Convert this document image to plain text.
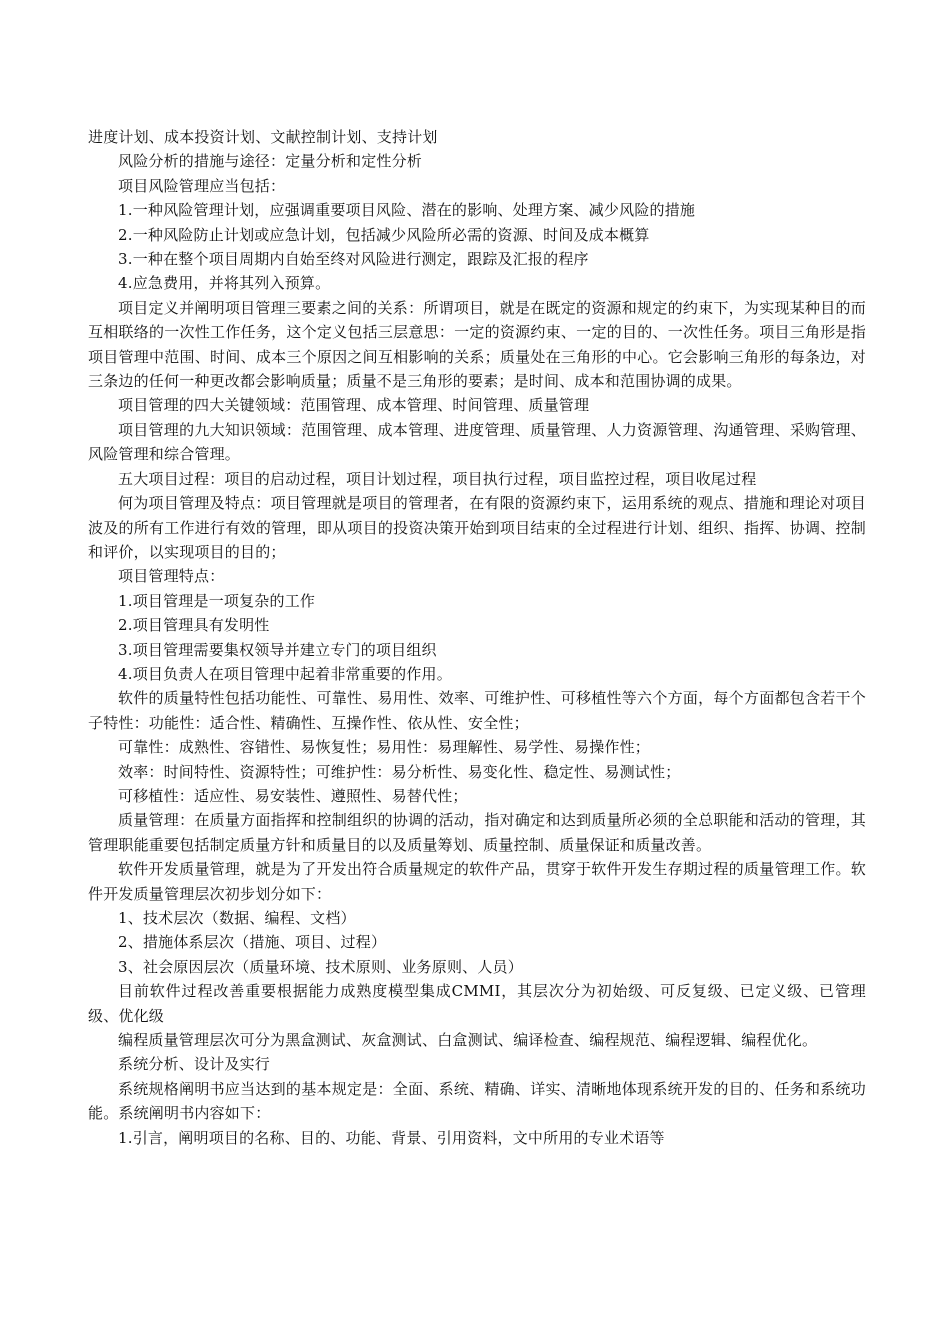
进度计划、成本投资计划、文献控制计划、支持计划

风险分析的措施与途径：定量分析和定性分析

项目风险管理应当包括：

1.一种风险管理计划，应强调重要项目风险、潜在的影响、处理方案、减少风险的措施

2.一种风险防止计划或应急计划，包括减少风险所必需的资源、时间及成本概算

3.一种在整个项目周期内自始至终对风险进行测定，跟踪及汇报的程序

4.应急费用，并将其列入预算。

项目定义并阐明项目管理三要素之间的关系：所谓项目，就是在既定的资源和规定的约束下，为实现某种目的而互相联络的一次性工作任务，这个定义包括三层意思：一定的资源约束、一定的目的、一次性任务。项目三角形是指项目管理中范围、时间、成本三个原因之间互相影响的关系；质量处在三角形的中心。它会影响三角形的每条边，对三条边的任何一种更改都会影响质量；质量不是三角形的要素；是时间、成本和范围协调的成果。

项目管理的四大关键领域：范围管理、成本管理、时间管理、质量管理

项目管理的九大知识领域：范围管理、成本管理、进度管理、质量管理、人力资源管理、沟通管理、采购管理、风险管理和综合管理。

五大项目过程：项目的启动过程，项目计划过程，项目执行过程，项目监控过程，项目收尾过程

何为项目管理及特点：项目管理就是项目的管理者，在有限的资源约束下，运用系统的观点、措施和理论对项目波及的所有工作进行有效的管理，即从项目的投资决策开始到项目结束的全过程进行计划、组织、指挥、协调、控制和评价，以实现项目的目的；

项目管理特点：

1.项目管理是一项复杂的工作

2.项目管理具有发明性

3.项目管理需要集权领导并建立专门的项目组织

4.项目负责人在项目管理中起着非常重要的作用。

软件的质量特性包括功能性、可靠性、易用性、效率、可维护性、可移植性等六个方面，每个方面都包含若干个子特性：功能性：适合性、精确性、互操作性、依从性、安全性；

可靠性：成熟性、容错性、易恢复性；易用性：易理解性、易学性、易操作性；

效率：时间特性、资源特性；可维护性：易分析性、易变化性、稳定性、易测试性；

可移植性：适应性、易安装性、遵照性、易替代性；

质量管理：在质量方面指挥和控制组织的协调的活动，指对确定和达到质量所必须的全总职能和活动的管理，其管理职能重要包括制定质量方针和质量目的以及质量筹划、质量控制、质量保证和质量改善。

软件开发质量管理，就是为了开发出符合质量规定的软件产品，贯穿于软件开发生存期过程的质量管理工作。软件开发质量管理层次初步划分如下：

1、技术层次（数据、编程、文档）

2、措施体系层次（措施、项目、过程）

3、社会原因层次（质量环境、技术原则、业务原则、人员）

目前软件过程改善重要根据能力成熟度模型集成CMMI，其层次分为初始级、可反复级、已定义级、已管理级、优化级

编程质量管理层次可分为黑盒测试、灰盒测试、白盒测试、编译检查、编程规范、编程逻辑、编程优化。

系统分析、设计及实行

系统规格阐明书应当达到的基本规定是：全面、系统、精确、详实、清晰地体现系统开发的目的、任务和系统功能。系统阐明书内容如下：

1.引言，阐明项目的名称、目的、功能、背景、引用资料，文中所用的专业术语等
